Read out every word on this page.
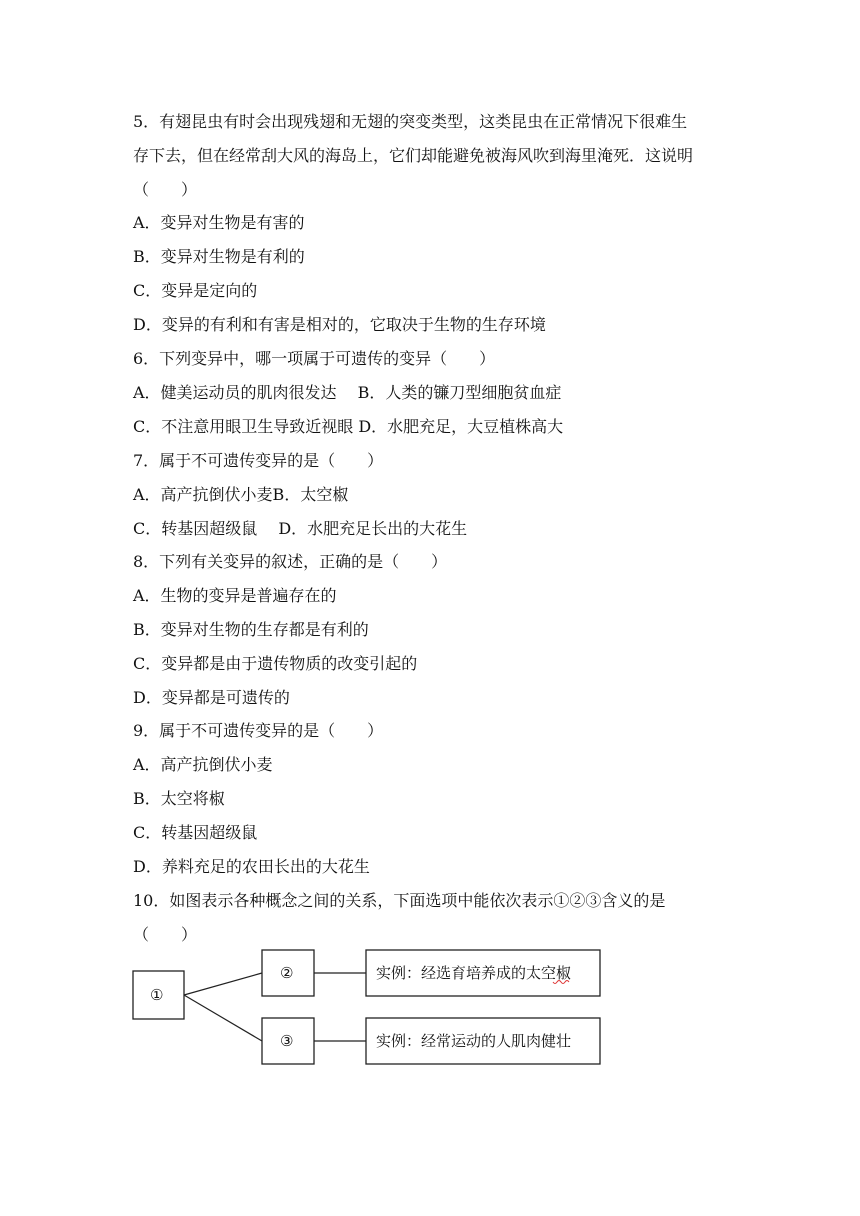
5．有翅昆虫有时会出现残翅和无翅的突变类型，这类昆虫在正常情况下很难生
存下去，但在经常刮大风的海岛上，它们却能避免被海风吹到海里淹死．这说明
（　　）
A．变异对生物是有害的
B．变异对生物是有利的
C．变异是定向的
D．变异的有利和有害是相对的，它取决于生物的生存环境
6．下列变异中，哪一项属于可遗传的变异（　　）
A．健美运动员的肌肉很发达　 B．人类的镰刀型细胞贫血症
C．不注意用眼卫生导致近视眼 D．水肥充足，大豆植株高大
7．属于不可遗传变异的是（　　）
A．高产抗倒伏小麦B．太空椒
C．转基因超级鼠　 D．水肥充足长出的大花生
8．下列有关变异的叙述，正确的是（　　）
A．生物的变异是普遍存在的
B．变异对生物的生存都是有利的
C．变异都是由于遗传物质的改变引起的
D．变异都是可遗传的
9．属于不可遗传变异的是（　　）
A．高产抗倒伏小麦
B．太空将椒
C．转基因超级鼠
D．养料充足的农田长出的大花生
10．如图表示各种概念之间的关系，下面选项中能依次表示①②③含义的是
（　　）
①
②
③
实例：经选育培养成的太空椒
实例：经常运动的人肌肉健壮
